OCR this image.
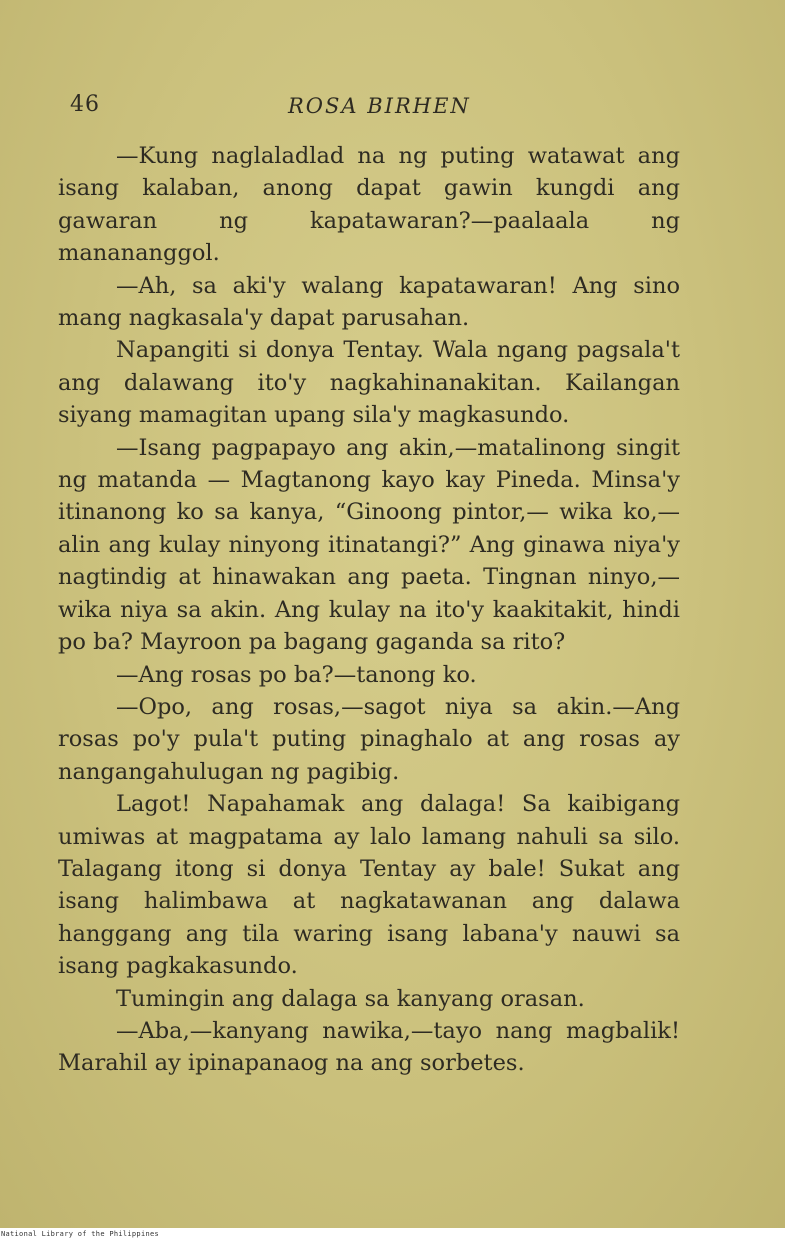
46	ROSA BIRHEN

—Kung naglaladlad na ng puting watawat ang isang kalaban, anong dapat gawin kungdi ang gawaran ng kapatawaran?—paalaala ng manananggol.

—Ah, sa aki'y walang kapatawaran! Ang sino mang nagkasala'y dapat parusahan.

Napangiti si donya Tentay. Wala ngang pagsala't ang dalawang ito'y nagkahinanakitan. Kailangan siyang mamagitan upang sila'y magkasundo.

—Isang pagpapayo ang akin,—matalinong singit ng matanda — Magtanong kayo kay Pineda. Minsa'y itinanong ko sa kanya, “Ginoong pintor,— wika ko,—alin ang kulay ninyong itinatangi?” Ang ginawa niya'y nagtindig at hinawakan ang paeta. Tingnan ninyo,—wika niya sa akin. Ang kulay na ito'y kaakitakit, hindi po ba? Mayroon pa bagang gaganda sa rito?

—Ang rosas po ba?—tanong ko.

—Opo, ang rosas,—sagot niya sa akin.—Ang rosas po'y pula't puting pinaghalo at ang rosas ay nangangahulugan ng pagibig.

Lagot! Napahamak ang dalaga! Sa kaibigang umiwas at magpatama ay lalo lamang nahuli sa silo. Talagang itong si donya Tentay ay bale! Sukat ang isang halimbawa at nagkatawanan ang dalawa hanggang ang tila waring isang labana'y nauwi sa isang pagkakasundo.

Tumingin ang dalaga sa kanyang orasan.

—Aba,—kanyang nawika,—tayo nang magbalik! Marahil ay ipinapanaog na ang sorbetes.

National Library of the Philippines
